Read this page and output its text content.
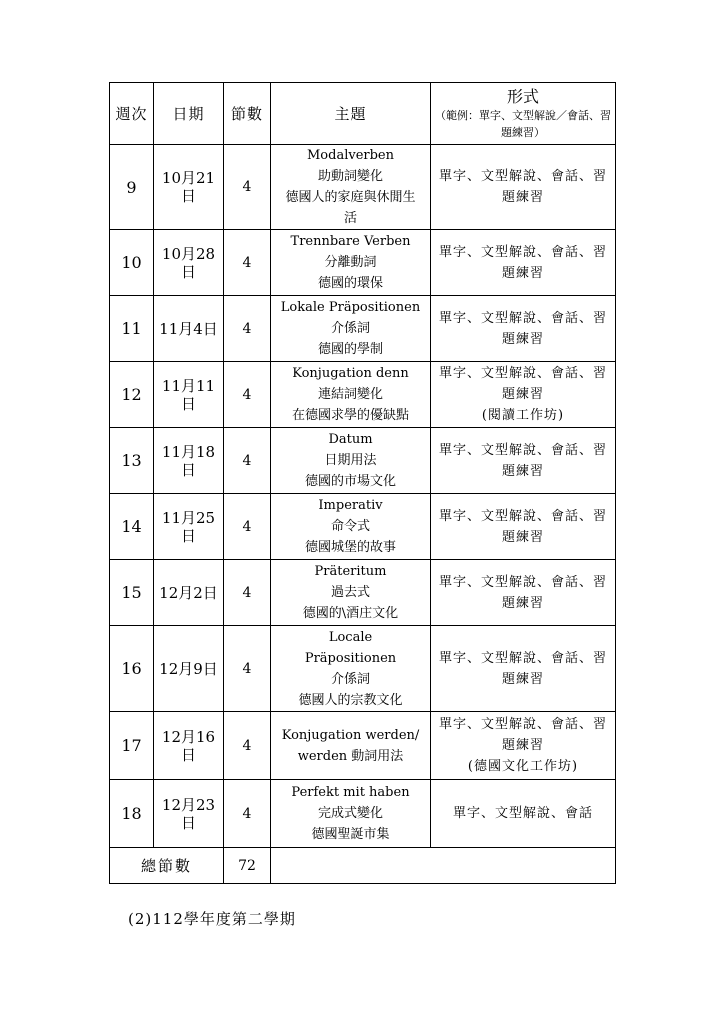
週次	日期	節數	主題	形式
（範例：單字、文型解說／會話、習題練習）

9	10月21
日	4	Modalverben
助動詞變化
德國人的家庭與休閒生
活	單字、文型解說、會話、習
題練習

10	10月28
日	4	Trennbare Verben
分離動詞
德國的環保	單字、文型解說、會話、習
題練習

11	11月4日	4	Lokale Präpositionen
介係詞
德國的學制	單字、文型解說、會話、習
題練習

12	11月11
日	4	Konjugation denn
連結詞變化
在德國求學的優缺點	單字、文型解說、會話、習
題練習
(閱讀工作坊)

13	11月18
日	4	Datum
日期用法
德國的市場文化	單字、文型解說、會話、習
題練習

14	11月25
日	4	Imperativ
命令式
德國城堡的故事	單字、文型解說、會話、習
題練習

15	12月2日	4	Präteritum
過去式
德國的\酒庄文化	單字、文型解說、會話、習
題練習

16	12月9日	4	Locale
Präpositionen
介係詞
德國人的宗教文化	單字、文型解說、會話、習
題練習

17	12月16
日	4	Konjugation werden/
werden 動詞用法	單字、文型解說、會話、習
題練習
(德國文化工作坊)

18	12月23
日	4	Perfekt mit haben
完成式變化
德國聖誕市集	單字、文型解說、會話

總節數		72		
(2)112學年度第二學期
